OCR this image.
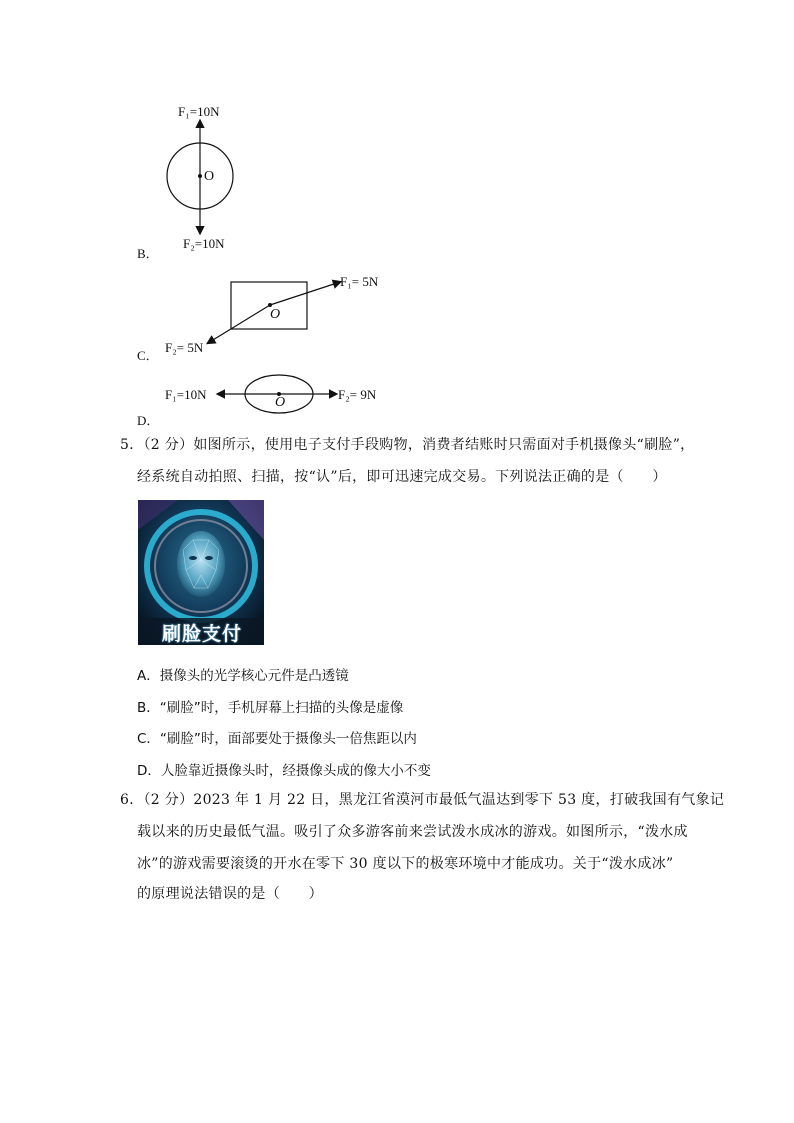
F₁=10N
F₂=10N
O
B．
F₁= 5N
F₂= 5N
O
C．
F₁=10N	F₂= 9N
O
D．
5．（2 分）如图所示，使用电子支付手段购物，消费者结账时只需面对手机摄像头“刷脸”，
经系统自动拍照、扫描，按“认”后，即可迅速完成交易。下列说法正确的是（　　）
刷脸支付
A．摄像头的光学核心元件是凸透镜
B．“刷脸”时，手机屏幕上扫描的头像是虚像
C．“刷脸”时，面部要处于摄像头一倍焦距以内
D．人脸靠近摄像头时，经摄像头成的像大小不变
6．（2 分）2023 年 1 月 22 日，黑龙江省漠河市最低气温达到零下 53 度，打破我国有气象记
载以来的历史最低气温。吸引了众多游客前来尝试泼水成冰的游戏。如图所示，“泼水成
冰”的游戏需要滚烫的开水在零下 30 度以下的极寒环境中才能成功。关于“泼水成冰”
的原理说法错误的是（　　）
